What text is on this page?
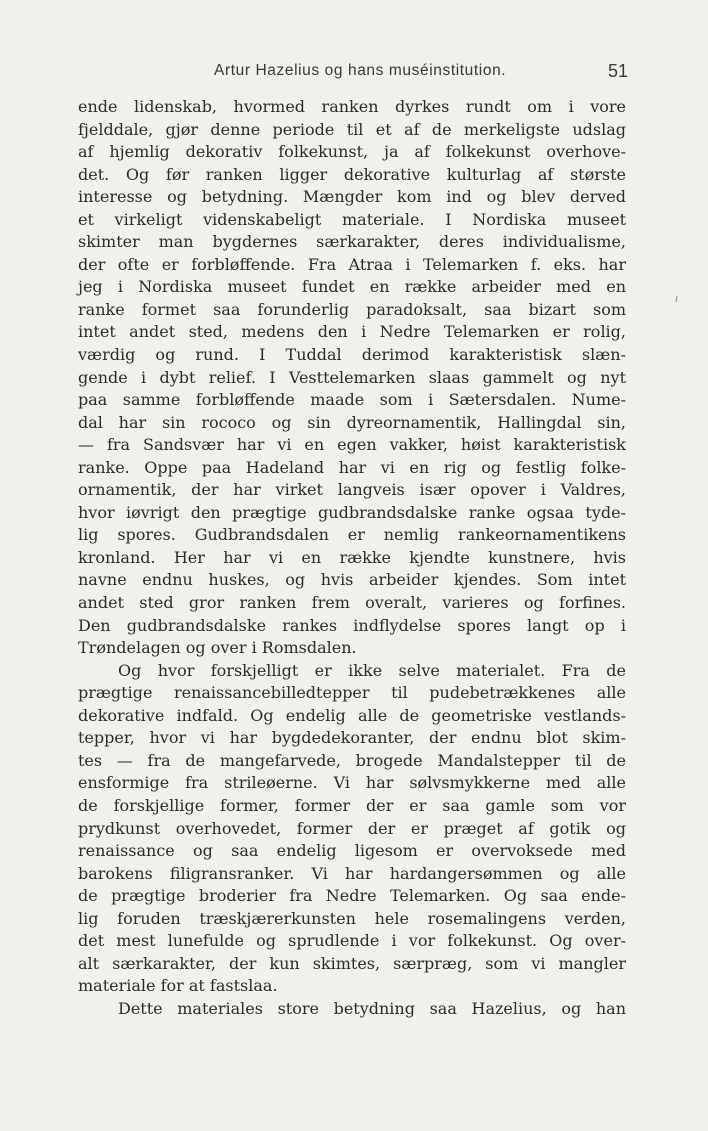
Artur Hazelius og hans muséinstitution.	51
ende lidenskab, hvormed ranken dyrkes rundt om i vore
fjelddale, gjør denne periode til et af de merkeligste udslag
af hjemlig dekorativ folkekunst, ja af folkekunst overhove-
det. Og før ranken ligger dekorative kulturlag af største
interesse og betydning. Mængder kom ind og blev derved
et virkeligt videnskabeligt materiale. I Nordiska museet
skimter man bygdernes særkarakter, deres individualisme,
der ofte er forbløffende. Fra Atraa i Telemarken f. eks. har
jeg i Nordiska museet fundet en række arbeider med en
ranke formet saa forunderlig paradoksalt, saa bizart som
intet andet sted, medens den i Nedre Telemarken er rolig,
værdig og rund. I Tuddal derimod karakteristisk slæn-
gende i dybt relief. I Vesttelemarken slaas gammelt og nyt
paa samme forbløffende maade som i Sætersdalen. Nume-
dal har sin rococo og sin dyreornamentik, Hallingdal sin,
— fra Sandsvær har vi en egen vakker, høist karakteristisk
ranke. Oppe paa Hadeland har vi en rig og festlig folke-
ornamentik, der har virket langveis især opover i Valdres,
hvor iøvrigt den prægtige gudbrandsdalske ranke ogsaa tyde-
lig spores. Gudbrandsdalen er nemlig rankeornamentikens
kronland. Her har vi en række kjendte kunstnere, hvis
navne endnu huskes, og hvis arbeider kjendes. Som intet
andet sted gror ranken frem overalt, varieres og forfines.
Den gudbrandsdalske rankes indflydelse spores langt op i
Trøndelagen og over i Romsdalen.
Og hvor forskjelligt er ikke selve materialet. Fra de
prægtige renaissancebilledtepper til pudebetrækkenes alle
dekorative indfald. Og endelig alle de geometriske vestlands-
tepper, hvor vi har bygdedekoranter, der endnu blot skim-
tes — fra de mangefarvede, brogede Mandalstepper til de
ensformige fra strileøerne. Vi har sølvsmykkerne med alle
de forskjellige former, former der er saa gamle som vor
prydkunst overhovedet, former der er præget af gotik og
renaissance og saa endelig ligesom er overvoksede med
barokens filigransranker. Vi har hardangersømmen og alle
de prægtige broderier fra Nedre Telemarken. Og saa ende-
lig foruden træskjærerkunsten hele rosemalingens verden,
det mest lunefulde og sprudlende i vor folkekunst. Og over-
alt særkarakter, der kun skimtes, særpræg, som vi mangler
materiale for at fastslaa.
Dette materiales store betydning saa Hazelius, og han
